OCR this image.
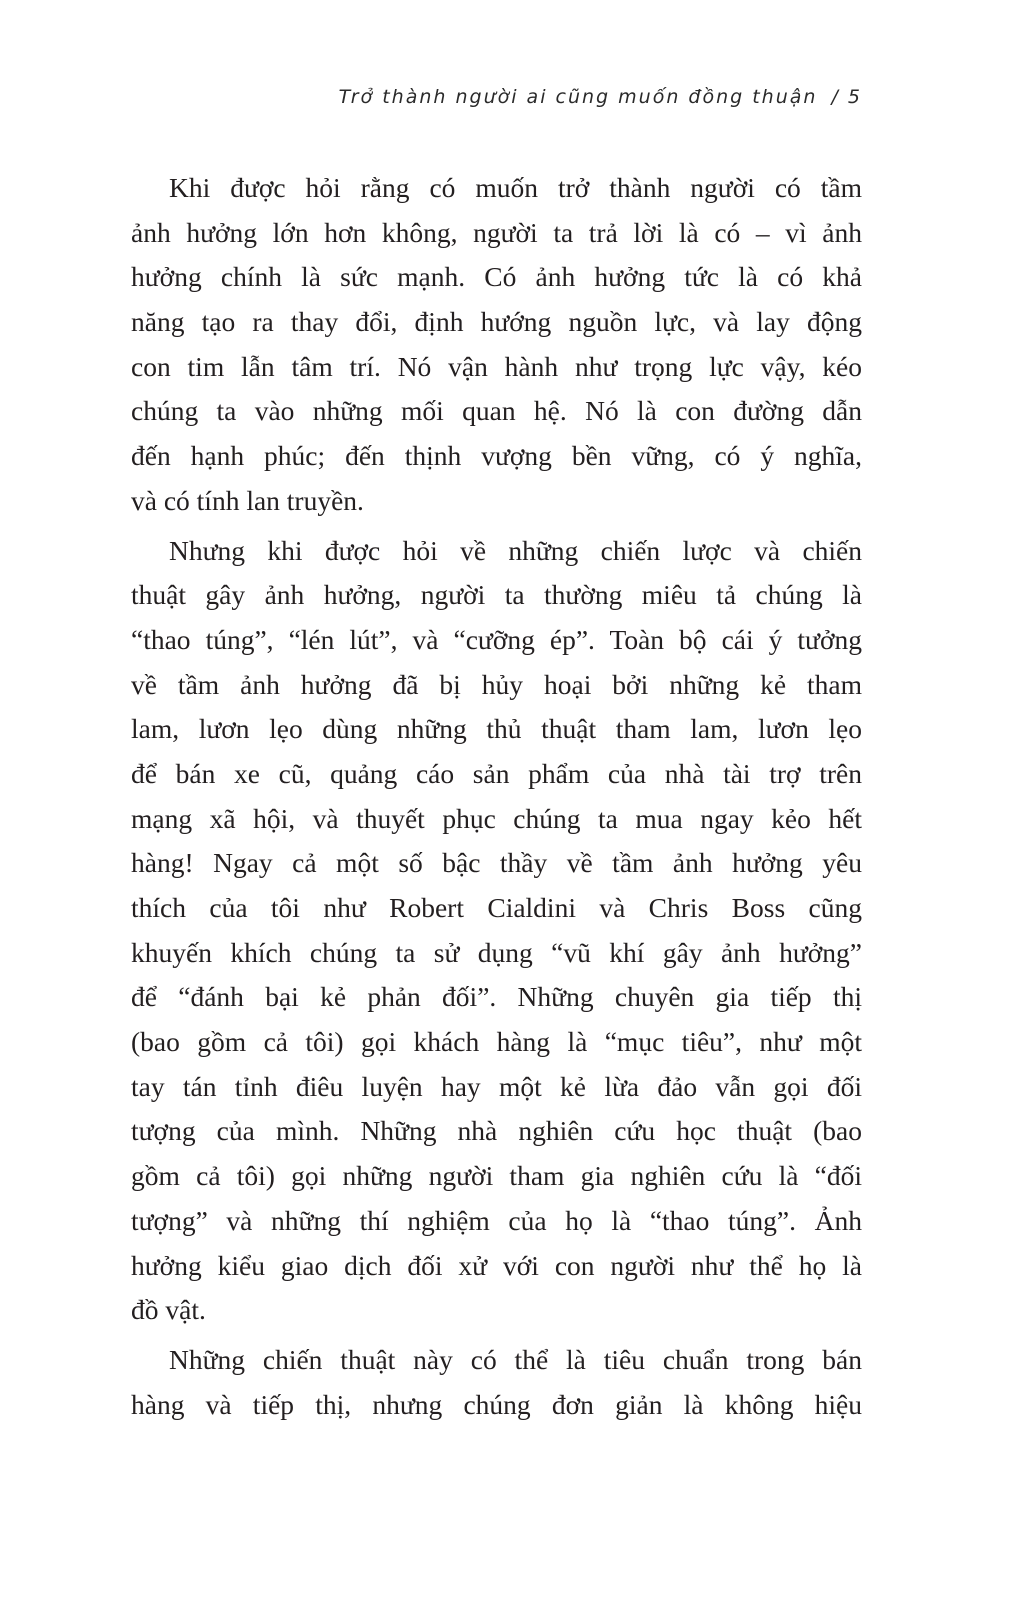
Trở thành người ai cũng muốn đồng thuận / 5
Khi được hỏi rằng có muốn trở thành người có tầm
ảnh hưởng lớn hơn không, người ta trả lời là có – vì ảnh
hưởng chính là sức mạnh. Có ảnh hưởng tức là có khả
năng tạo ra thay đổi, định hướng nguồn lực, và lay động
con tim lẫn tâm trí. Nó vận hành như trọng lực vậy, kéo
chúng ta vào những mối quan hệ. Nó là con đường dẫn
đến hạnh phúc; đến thịnh vượng bền vững, có ý nghĩa,
và có tính lan truyền.
Nhưng khi được hỏi về những chiến lược và chiến
thuật gây ảnh hưởng, người ta thường miêu tả chúng là
“thao túng”, “lén lút”, và “cưỡng ép”. Toàn bộ cái ý tưởng
về tầm ảnh hưởng đã bị hủy hoại bởi những kẻ tham
lam, lươn lẹo dùng những thủ thuật tham lam, lươn lẹo
để bán xe cũ, quảng cáo sản phẩm của nhà tài trợ trên
mạng xã hội, và thuyết phục chúng ta mua ngay kẻo hết
hàng! Ngay cả một số bậc thầy về tầm ảnh hưởng yêu
thích của tôi như Robert Cialdini và Chris Boss cũng
khuyến khích chúng ta sử dụng “vũ khí gây ảnh hưởng”
để “đánh bại kẻ phản đối”. Những chuyên gia tiếp thị
(bao gồm cả tôi) gọi khách hàng là “mục tiêu”, như một
tay tán tỉnh điêu luyện hay một kẻ lừa đảo vẫn gọi đối
tượng của mình. Những nhà nghiên cứu học thuật (bao
gồm cả tôi) gọi những người tham gia nghiên cứu là “đối
tượng” và những thí nghiệm của họ là “thao túng”. Ảnh
hưởng kiểu giao dịch đối xử với con người như thể họ là
đồ vật.
Những chiến thuật này có thể là tiêu chuẩn trong bán
hàng và tiếp thị, nhưng chúng đơn giản là không hiệu
